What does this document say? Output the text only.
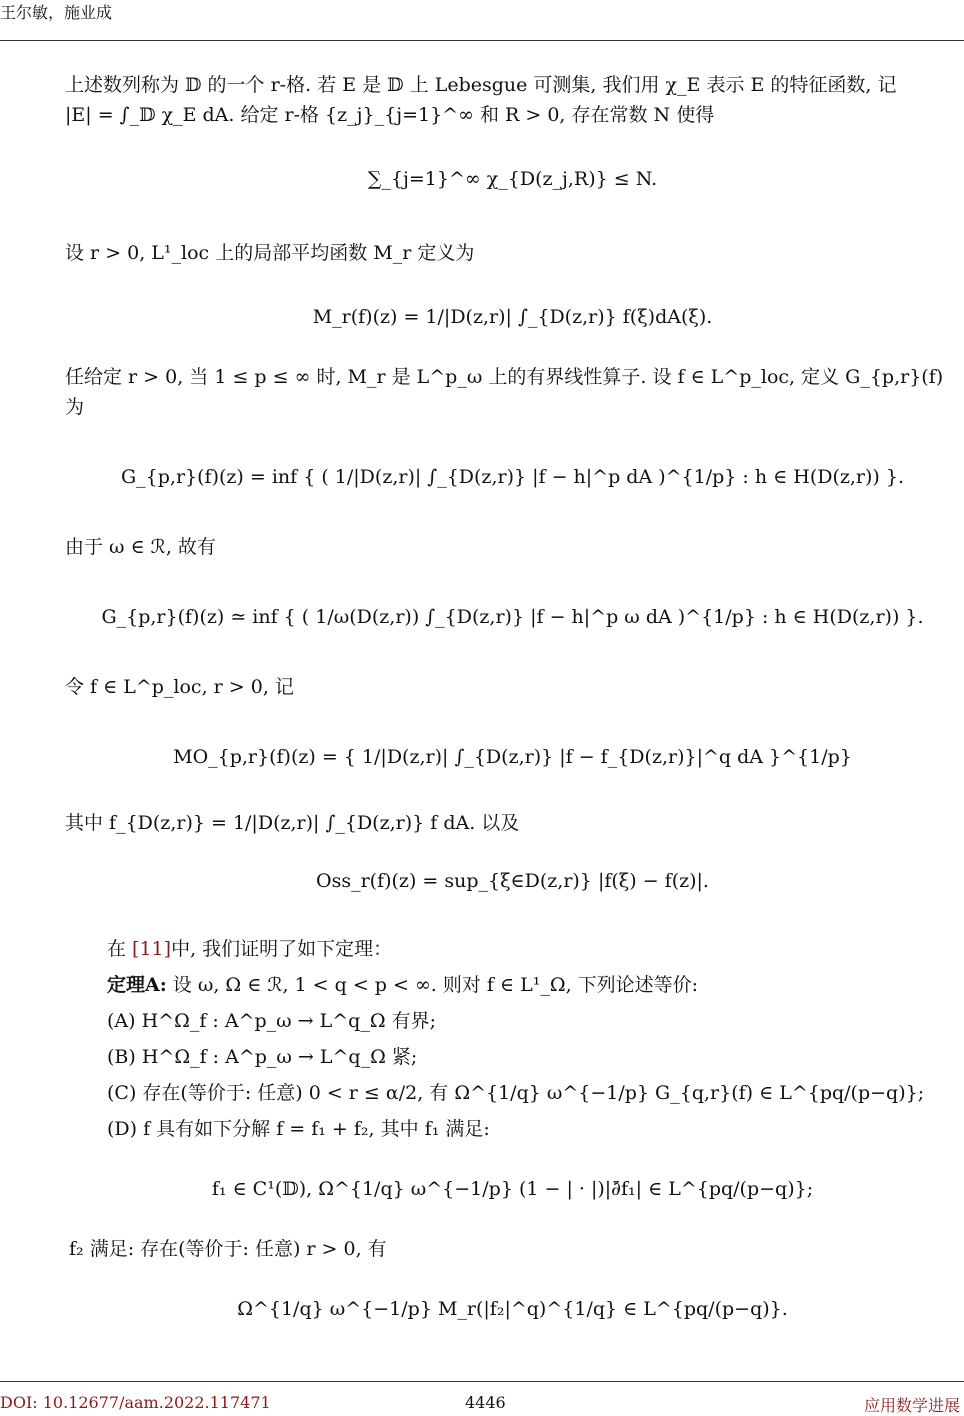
王尔敏，施业成

上述数列称为 𝔻 的一个 r-格. 若 E 是 𝔻 上 Lebesgue 可测集, 我们用 χ_E 表示 E 的特征函数, 记

|E| = ∫_𝔻 χ_E dA. 给定 r-格 {z_j}_{j=1}^∞ 和 R > 0, 存在常数 N 使得

∑_{j=1}^∞ χ_{D(z_j,R)} ≤ N.

设 r > 0, L¹_loc 上的局部平均函数 M_r 定义为

M_r(f)(z) = 1/|D(z,r)| ∫_{D(z,r)} f(ξ)dA(ξ).

任给定 r > 0, 当 1 ≤ p ≤ ∞ 时, M_r 是 L^p_ω 上的有界线性算子. 设 f ∈ L^p_loc, 定义 G_{p,r}(f) 为

G_{p,r}(f)(z) = inf { ( 1/|D(z,r)| ∫_{D(z,r)} |f − h|^p dA )^{1/p} : h ∈ H(D(z,r)) }.

由于 ω ∈ ℛ, 故有

G_{p,r}(f)(z) ≃ inf { ( 1/ω(D(z,r)) ∫_{D(z,r)} |f − h|^p ω dA )^{1/p} : h ∈ H(D(z,r)) }.

令 f ∈ L^p_loc, r > 0, 记

MO_{p,r}(f)(z) = { 1/|D(z,r)| ∫_{D(z,r)} |f − f_{D(z,r)}|^q dA }^{1/p}

其中 f_{D(z,r)} = 1/|D(z,r)| ∫_{D(z,r)} f dA. 以及

Oss_r(f)(z) = sup_{ξ∈D(z,r)} |f(ξ) − f(z)|.

在 [11]中, 我们证明了如下定理：

定理A: 设 ω, Ω ∈ ℛ, 1 < q < p < ∞. 则对 f ∈ L¹_Ω, 下列论述等价:

(A) H^Ω_f : A^p_ω → L^q_Ω 有界;

(B) H^Ω_f : A^p_ω → L^q_Ω 紧;

(C) 存在(等价于: 任意) 0 < r ≤ α/2, 有 Ω^{1/q} ω^{−1/p} G_{q,r}(f) ∈ L^{pq/(p−q)};

(D) f 具有如下分解 f = f₁ + f₂, 其中 f₁ 满足:

f₁ ∈ C¹(𝔻), Ω^{1/q} ω^{−1/p} (1 − | · |)|∂̄f₁| ∈ L^{pq/(p−q)};

f₂ 满足: 存在(等价于: 任意) r > 0, 有

Ω^{1/q} ω^{−1/p} M_r(|f₂|^q)^{1/q} ∈ L^{pq/(p−q)}.

DOI: 10.12677/aam.2022.117471	4446	应用数学进展
